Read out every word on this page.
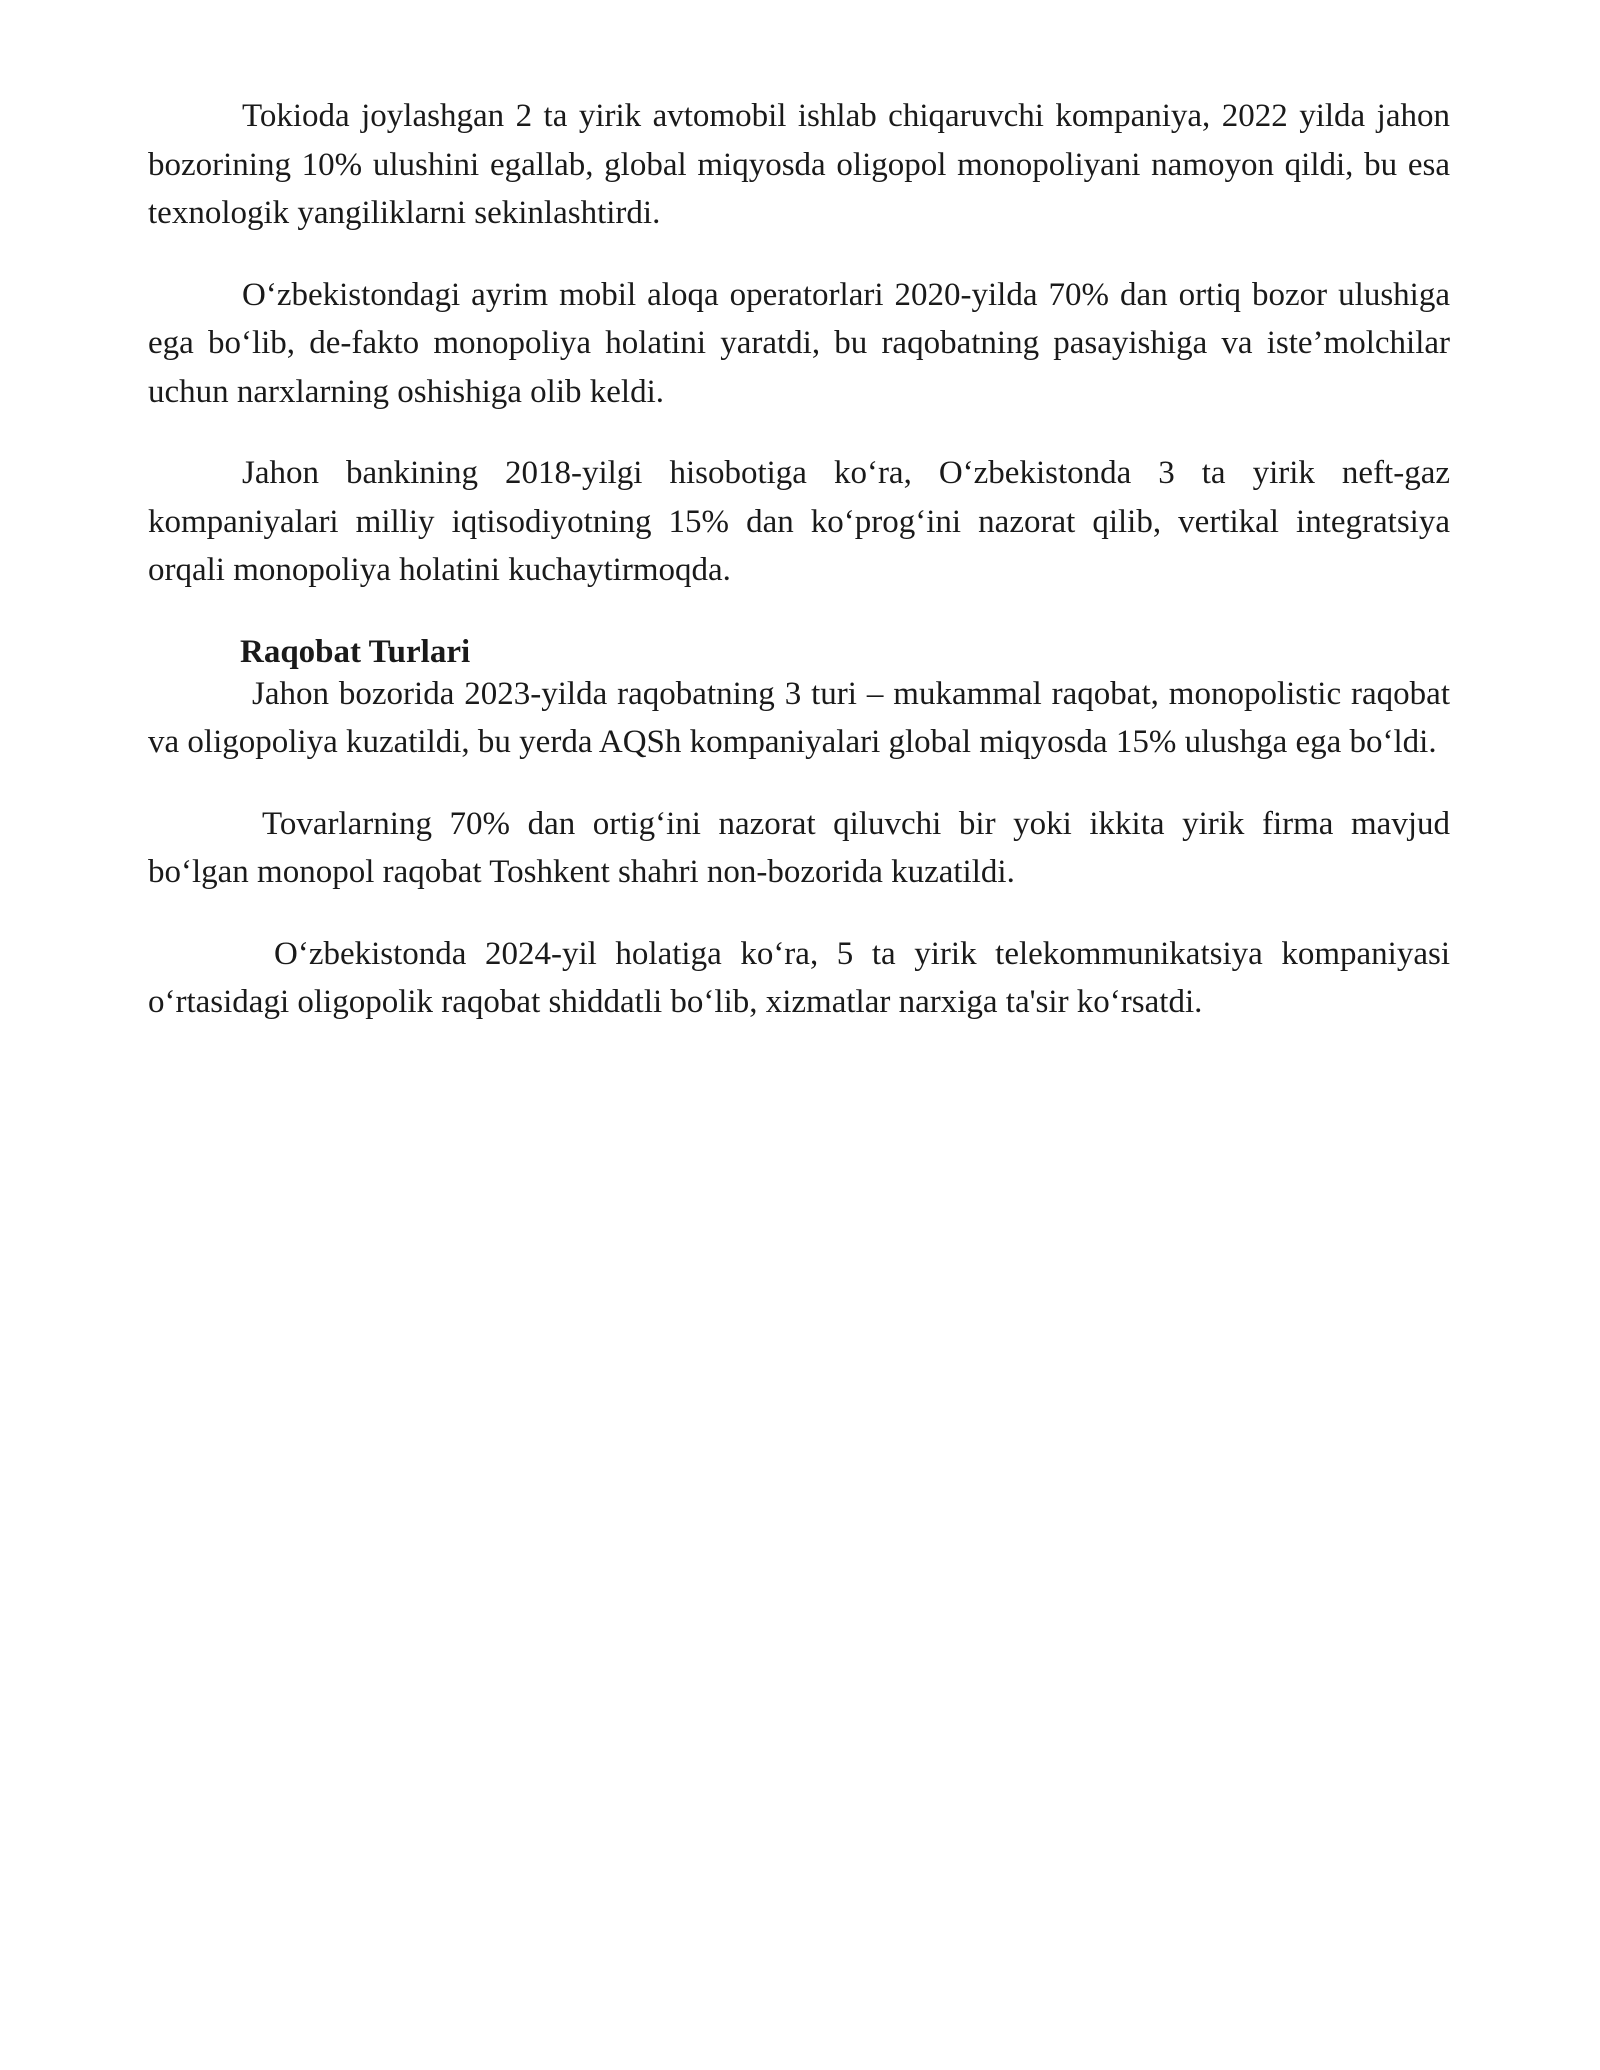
Tokioda joylashgan 2 ta yirik avtomobil ishlab chiqaruvchi kompaniya, 2022 yilda jahon bozorining 10% ulushini egallab, global miqyosda oligopol monopoliyani namoyon qildi, bu esa texnologik yangiliklarni sekinlashtirdi.

O‘zbekistondagi ayrim mobil aloqa operatorlari 2020-yilda 70% dan ortiq bozor ulushiga ega bo‘lib, de-fakto monopoliya holatini yaratdi, bu raqobatning pasayishiga va iste’molchilar uchun narxlarning oshishiga olib keldi.

Jahon bankining 2018-yilgi hisobotiga ko‘ra, O‘zbekistonda 3 ta yirik neft-gaz kompaniyalari milliy iqtisodiyotning 15% dan ko‘prog‘ini nazorat qilib, vertikal integratsiya orqali monopoliya holatini kuchaytirmoqda.

Raqobat Turlari

Jahon bozorida 2023-yilda raqobatning 3 turi – mukammal raqobat, monopolistic raqobat va oligopoliya kuzatildi, bu yerda AQSh kompaniyalari global miqyosda 15% ulushga ega bo‘ldi.

Tovarlarning 70% dan ortig‘ini nazorat qiluvchi bir yoki ikkita yirik firma mavjud bo‘lgan monopol raqobat Toshkent shahri non-bozorida kuzatildi.

O‘zbekistonda 2024-yil holatiga ko‘ra, 5 ta yirik telekommunikatsiya kompaniyasi o‘rtasidagi oligopolik raqobat shiddatli bo‘lib, xizmatlar narxiga ta'sir ko‘rsatdi.
